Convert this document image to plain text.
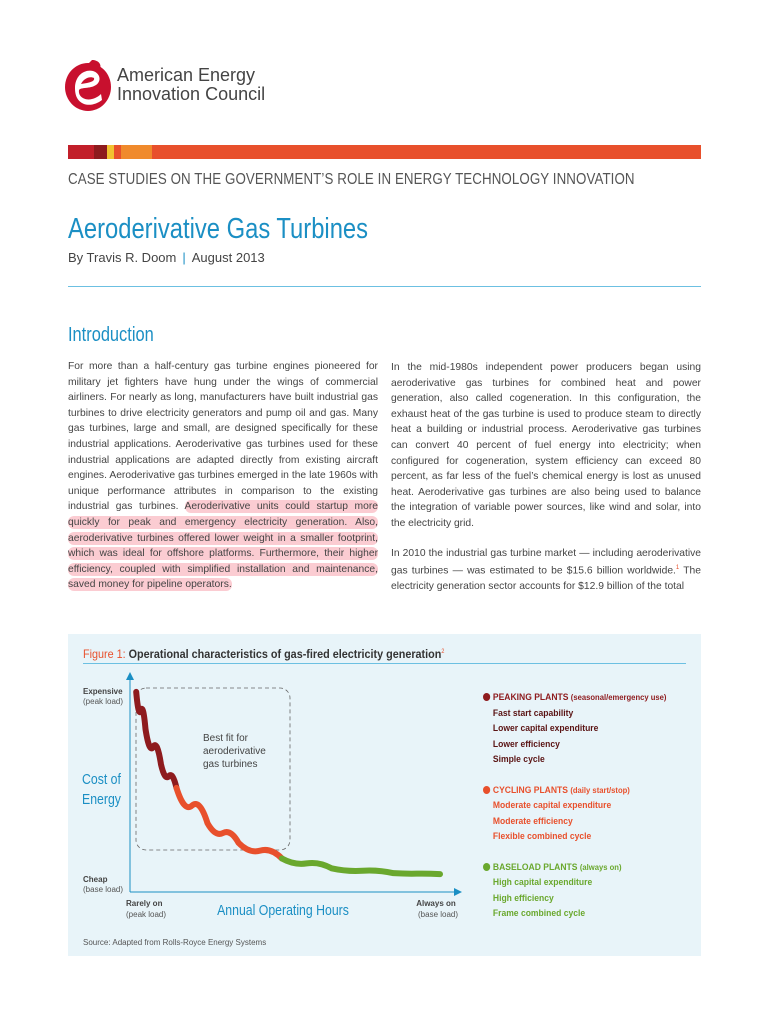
American Energy
Innovation Council
CASE STUDIES ON THE GOVERNMENT’S ROLE IN ENERGY TECHNOLOGY INNOVATION
Aeroderivative Gas Turbines
By Travis R. Doom | August 2013
Introduction

For more than a half-century gas turbine engines pioneered for military jet fighters have hung under the wings of commercial airliners. For nearly as long, manufacturers have built industrial gas turbines to drive electricity generators and pump oil and gas. Many gas turbines, large and small, are designed specifically for these industrial applications. Aeroderivative gas turbines used for these industrial applications are adapted directly from existing aircraft engines. Aeroderivative gas turbines emerged in the late 1960s with unique performance attributes in comparison to the existing industrial gas turbines. Aeroderivative units could startup more quickly for peak and emergency electricity generation. Also, aeroderivative turbines offered lower weight in a smaller footprint, which was ideal for offshore platforms. Furthermore, their higher efficiency, coupled with simplified installation and maintenance, saved money for pipeline operators.

In the mid-1980s independent power producers began using aeroderivative gas turbines for combined heat and power generation, also called cogeneration. In this configuration, the exhaust heat of the gas turbine is used to produce steam to directly heat a building or industrial process. Aeroderivative gas turbines can convert 40 percent of fuel energy into electricity; when configured for cogeneration, system efficiency can exceed 80 percent, as far less of the fuel’s chemical energy is lost as unused heat. Aeroderivative gas turbines are also being used to balance the integration of variable power sources, like wind and solar, into the electricity grid.

In 2010 the industrial gas turbine market — including aeroderivative gas turbines — was estimated to be $15.6 billion worldwide.$^1$ The electricity generation sector accounts for $12.9 billion of the total

Figure 1: Operational characteristics of gas-fired electricity generation$^2$
Best fit for
aeroderivative
gas turbines
Expensive
(peak load)
Cost of
Energy
Cheap
(base load)
Rarely on
(peak load)	Annual Operating Hours	Always on
(base load)
PEAKING PLANTS (seasonal/emergency use)
Fast start capability
Lower capital expenditure
Lower efficiency
Simple cycle
CYCLING PLANTS (daily start/stop)
Moderate capital expenditure
Moderate efficiency
Flexible combined cycle
BASELOAD PLANTS (always on)
High capital expenditure
High efficiency
Frame combined cycle
Source: Adapted from Rolls-Royce Energy Systems
